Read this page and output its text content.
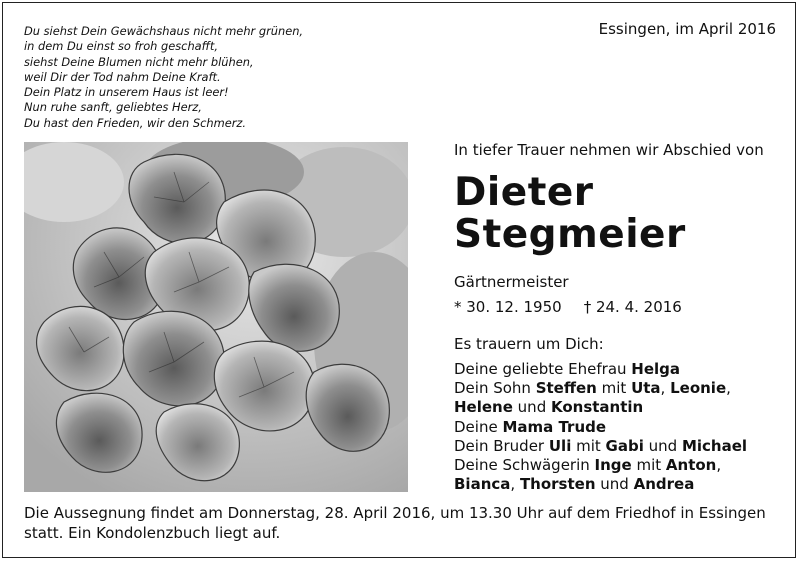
Du siehst Dein Gewächshaus nicht mehr grünen,
in dem Du einst so froh geschafft,
siehst Deine Blumen nicht mehr blühen,
weil Dir der Tod nahm Deine Kraft.
Dein Platz in unserem Haus ist leer!
Nun ruhe sanft, geliebtes Herz,
Du hast den Frieden, wir den Schmerz.
Essingen, im April 2016
In tiefer Trauer nehmen wir Abschied von
Dieter
Stegmeier
Gärtnermeister
* 30. 12. 1950 † 24. 4. 2016
Es trauern um Dich:
Deine geliebte Ehefrau Helga
Dein Sohn Steffen mit Uta, Leonie,
Helene und Konstantin
Deine Mama Trude
Dein Bruder Uli mit Gabi und Michael
Deine Schwägerin Inge mit Anton,
Bianca, Thorsten und Andrea
Die Aussegnung findet am Donnerstag, 28. April 2016, um 13.30 Uhr auf dem Friedhof in Essingen statt. Ein Kondolenzbuch liegt auf.
